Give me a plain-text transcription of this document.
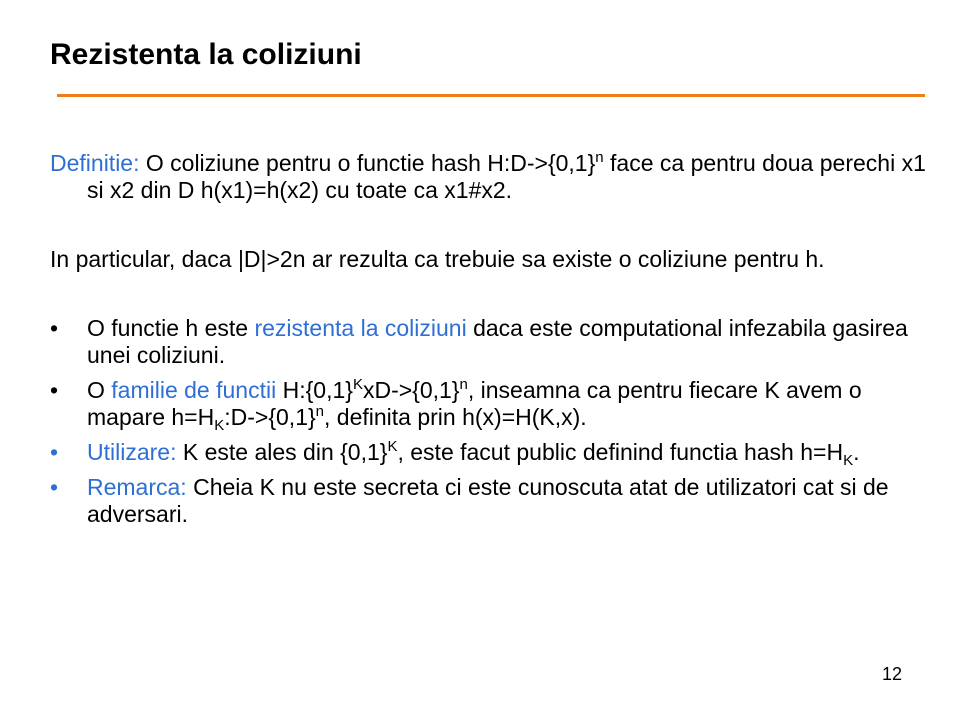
Rezistenta la coliziuni

Definitie: O coliziune pentru o functie hash $H:D->\{0,1\}^n$ face ca pentru doua perechi x1 si x2 din D h(x1)=h(x2) cu toate ca x1#x2.

In particular, daca |D|>2n ar rezulta ca trebuie sa existe o coliziune pentru h.

• O functie h este rezistenta la coliziuni daca este computational infezabila gasirea unei coliziuni.

• O familie de functii $H:\{0,1\}^KxD->\{0,1\}^n$, inseamna ca pentru fiecare K avem o mapare $h=H_K:D->\{0,1\}^n$, definita prin h(x)=H(K,x).

• Utilizare: K este ales din $\{0,1\}^K$, este facut public definind functia hash $h=H_K$.

• Remarca: Cheia K nu este secreta ci este cunoscuta atat de utilizatori cat si de adversari.

12
